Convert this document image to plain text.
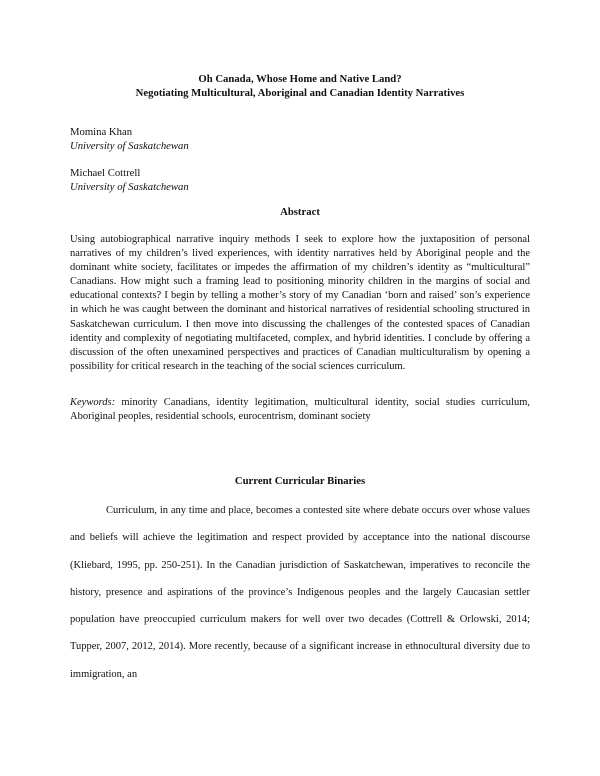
Oh Canada, Whose Home and Native Land?
Negotiating Multicultural, Aboriginal and Canadian Identity Narratives
Momina Khan
University of Saskatchewan
Michael Cottrell
University of Saskatchewan
Abstract

Using autobiographical narrative inquiry methods I seek to explore how the juxtaposition of personal narratives of my children’s lived experiences, with identity narratives held by Aboriginal people and the dominant white society, facilitates or impedes the affirmation of my children’s identity as “multicultural” Canadians. How might such a framing lead to positioning minority children in the margins of social and educational contexts? I begin by telling a mother’s story of my Canadian ‘born and raised’ son’s experience in which he was caught between the dominant and historical narratives of residential schooling structured in Saskatchewan curriculum. I then move into discussing the challenges of the contested spaces of Canadian identity and complexity of negotiating multifaceted, complex, and hybrid identities. I conclude by offering a discussion of the often unexamined perspectives and practices of Canadian multiculturalism by opening a possibility for critical research in the teaching of the social sciences curriculum.

Keywords: minority Canadians, identity legitimation, multicultural identity, social studies curriculum, Aboriginal peoples, residential schools, eurocentrism, dominant society

Current Curricular Binaries

Curriculum, in any time and place, becomes a contested site where debate occurs over whose values and beliefs will achieve the legitimation and respect provided by acceptance into the national discourse (Kliebard, 1995, pp. 250-251). In the Canadian jurisdiction of Saskatchewan, imperatives to reconcile the history, presence and aspirations of the province’s Indigenous peoples and the largely Caucasian settler population have preoccupied curriculum makers for well over two decades (Cottrell & Orlowski, 2014; Tupper, 2007, 2012, 2014). More recently, because of a significant increase in ethnocultural diversity due to immigration, an
